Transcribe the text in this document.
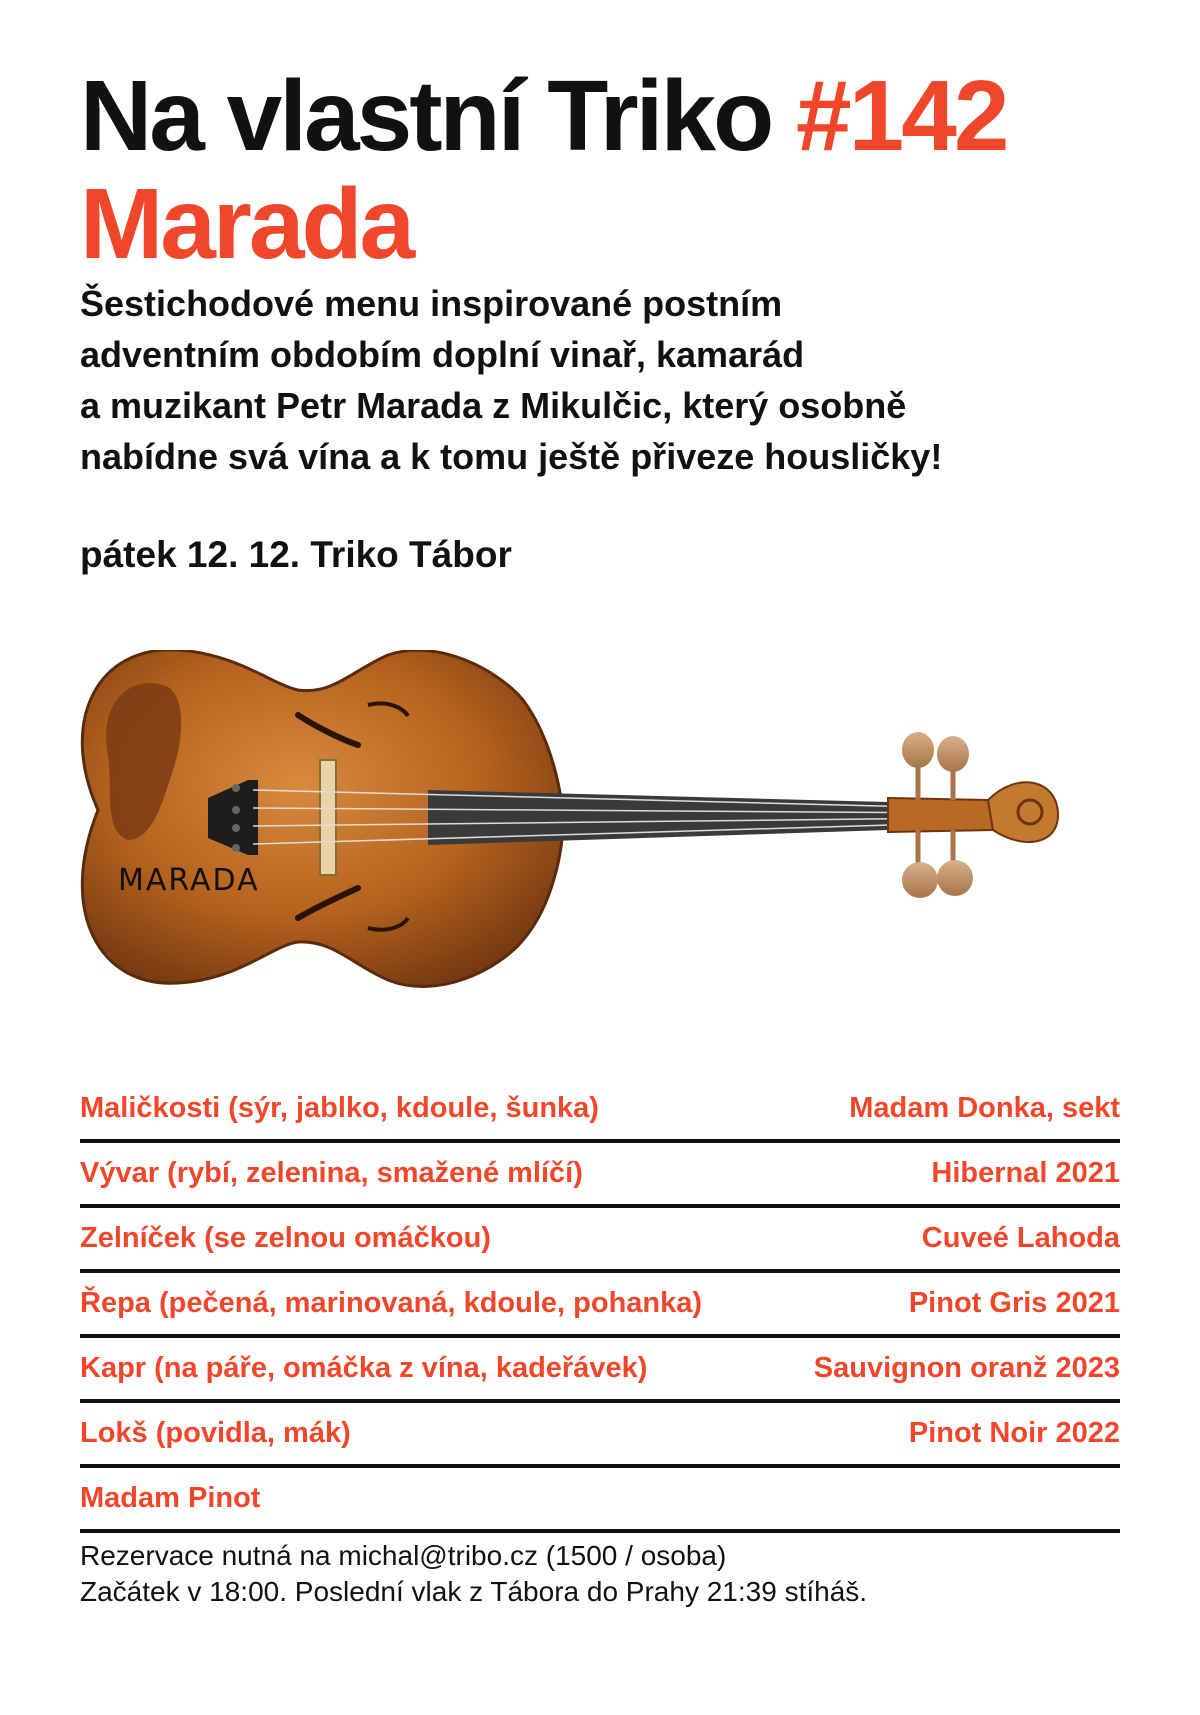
Na vlastní Triko #142
Marada

Šestichodové menu inspirované postním
adventním obdobím doplní vinař, kamarád
a muzikant Petr Marada z Mikulčic, který osobně
nabídne svá vína a k tomu ještě přiveze housličky!

pátek 12. 12. Triko Tábor

MARADA
Maličkosti (sýr, jablko, kdoule, šunka)	Madam Donka, sekt
Vývar (rybí, zelenina, smažené mlíčí)	Hibernal 2021
Zelníček (se zelnou omáčkou)	Cuveé Lahoda
Řepa (pečená, marinovaná, kdoule, pohanka)	Pinot Gris 2021
Kapr (na páře, omáčka z vína, kadeřávek)	Sauvignon oranž 2023
Lokš (povidla, mák)	Pinot Noir 2022
Madam Pinot

Rezervace nutná na michal@tribo.cz (1500 / osoba)
Začátek v 18:00. Poslední vlak z Tábora do Prahy 21:39 stíháš.
